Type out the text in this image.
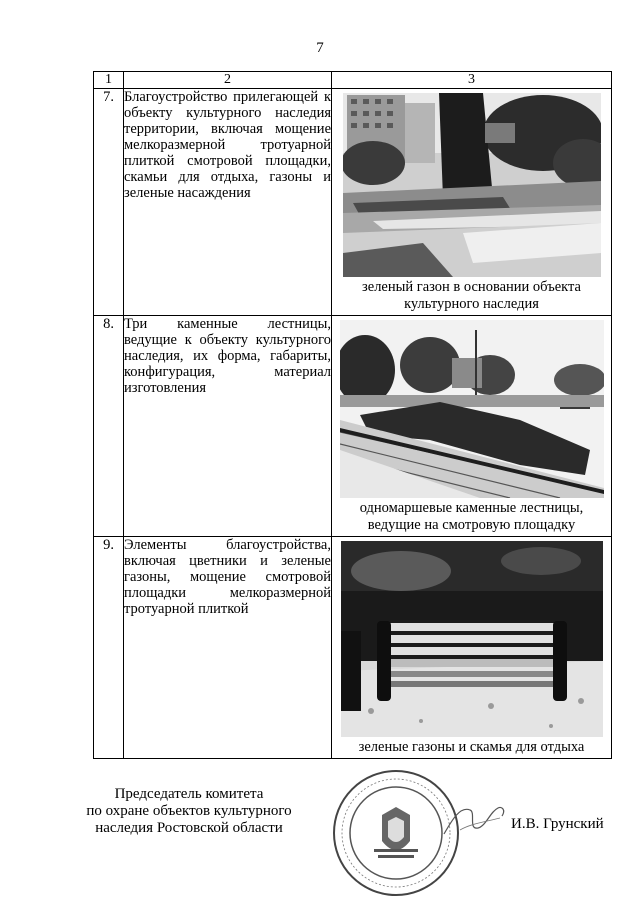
7
1	2	3
7.	Благоустройство прилегающей к объекту культурного наследия территории, включая мощение мелкоразмерной тротуарной плиткой смотровой площадки, скамьи для отдыха, газоны и зеленые насаждения	зеленый газон в основании объекта культурного наследия

8.	Три каменные лестницы, ведущие к объекту культурного наследия, их форма, габариты, конфигурация, материал изготовления	одномаршевые каменные лестницы, ведущие на смотровую площадку

9.	Элементы благоустройства, включая цветники и зеленые газоны, мощение смотровой площадки мелкоразмерной тротуарной плиткой	зеленые газоны и скамья для отдыха
Председатель комитета
по охране объектов культурного
наследия Ростовской области	И.В. Грунский
